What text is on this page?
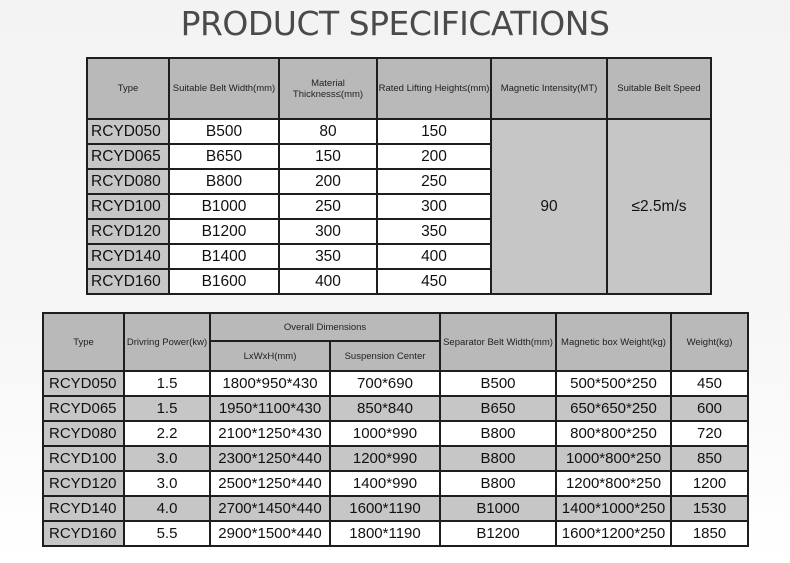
PRODUCT SPECIFICATIONS
Type	Suitable Belt Width(mm)	Material Thickness≤(mm)	Rated Lifting Height≤(mm)	Magnetic Intensity(MT)	Suitable Belt Speed
RCYD050	B500	80	150	90	≤2.5m/s
RCYD065	B650	150	200		
RCYD080	B800	200	250		
RCYD100	B1000	250	300		
RCYD120	B1200	300	350		
RCYD140	B1400	350	400		
RCYD160	B1600	400	450		
Type	Drivring Power(kw)	Overall Dimensions		Separator Belt Width(mm)	Magnetic box Weight(kg)	Weight(kg)
		LxWxH(mm)	Suspension Center			
RCYD050	1.5	1800*950*430	700*690	B500	500*500*250	450
RCYD065	1.5	1950*1100*430	850*840	B650	650*650*250	600
RCYD080	2.2	2100*1250*430	1000*990	B800	800*800*250	720
RCYD100	3.0	2300*1250*440	1200*990	B800	1000*800*250	850
RCYD120	3.0	2500*1250*440	1400*990	B800	1200*800*250	1200
RCYD140	4.0	2700*1450*440	1600*1190	B1000	1400*1000*250	1530
RCYD160	5.5	2900*1500*440	1800*1190	B1200	1600*1200*250	1850
